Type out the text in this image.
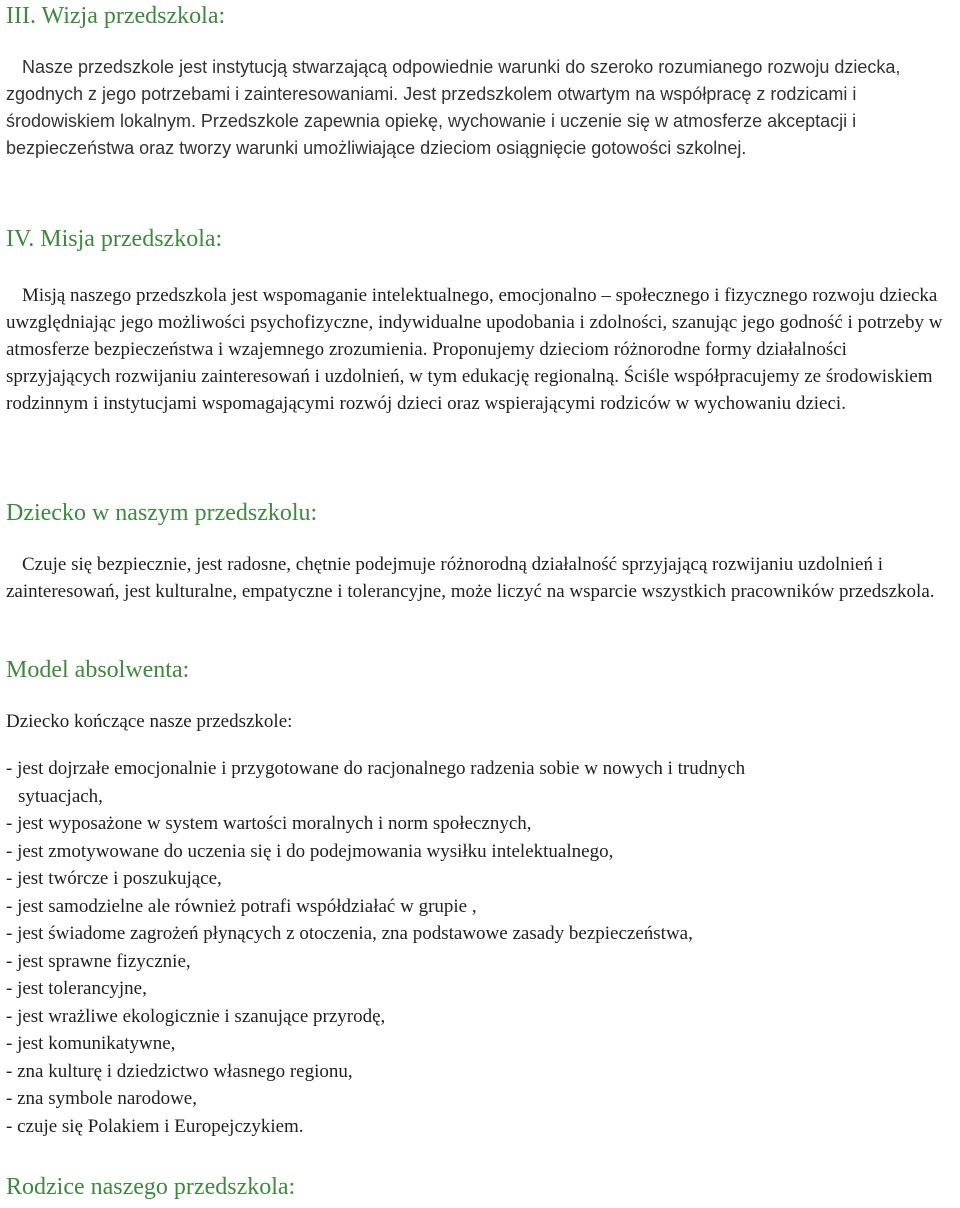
III. Wizja przedszkola:

Nasze przedszkole jest instytucją stwarzającą odpowiednie warunki do szeroko rozumianego rozwoju dziecka, zgodnych z jego potrzebami i zainteresowaniami. Jest przedszkolem otwartym na współpracę z rodzicami i środowiskiem lokalnym. Przedszkole zapewnia opiekę, wychowanie i uczenie się w atmosferze akceptacji i bezpieczeństwa oraz tworzy warunki umożliwiające dzieciom osiągnięcie gotowości szkolnej.

IV. Misja przedszkola:

Misją naszego przedszkola jest wspomaganie intelektualnego, emocjonalno – społecznego i fizycznego rozwoju dziecka uwzględniając jego możliwości psychofizyczne, indywidualne upodobania i zdolności, szanując jego godność i potrzeby w atmosferze bezpieczeństwa i wzajemnego zrozumienia. Proponujemy dzieciom różnorodne formy działalności sprzyjających rozwijaniu zainteresowań i uzdolnień, w tym edukację regionalną. Ściśle współpracujemy ze środowiskiem rodzinnym i instytucjami wspomagającymi rozwój dzieci oraz wspierającymi rodziców w wychowaniu dzieci.

Dziecko w naszym przedszkolu:

Czuje się bezpiecznie, jest radosne, chętnie podejmuje różnorodną działalność sprzyjającą rozwijaniu uzdolnień i zainteresowań, jest kulturalne, empatyczne i tolerancyjne, może liczyć na wsparcie wszystkich pracowników przedszkola.

Model absolwenta:

Dziecko kończące nasze przedszkole:

- jest dojrzałe emocjonalnie i przygotowane do racjonalnego radzenia sobie w nowych i trudnych
sytuacjach,
- jest wyposażone w system wartości moralnych i norm społecznych,
- jest zmotywowane do uczenia się i do podejmowania wysiłku intelektualnego,
- jest twórcze i poszukujące,
- jest samodzielne ale również potrafi współdziałać w grupie ,
- jest świadome zagrożeń płynących z otoczenia, zna podstawowe zasady bezpieczeństwa,
- jest sprawne fizycznie,
- jest tolerancyjne,
- jest wrażliwe ekologicznie i szanujące przyrodę,
- jest komunikatywne,
- zna kulturę i dziedzictwo własnego regionu,
- zna symbole narodowe,
- czuje się Polakiem i Europejczykiem.
Rodzice naszego przedszkola:
